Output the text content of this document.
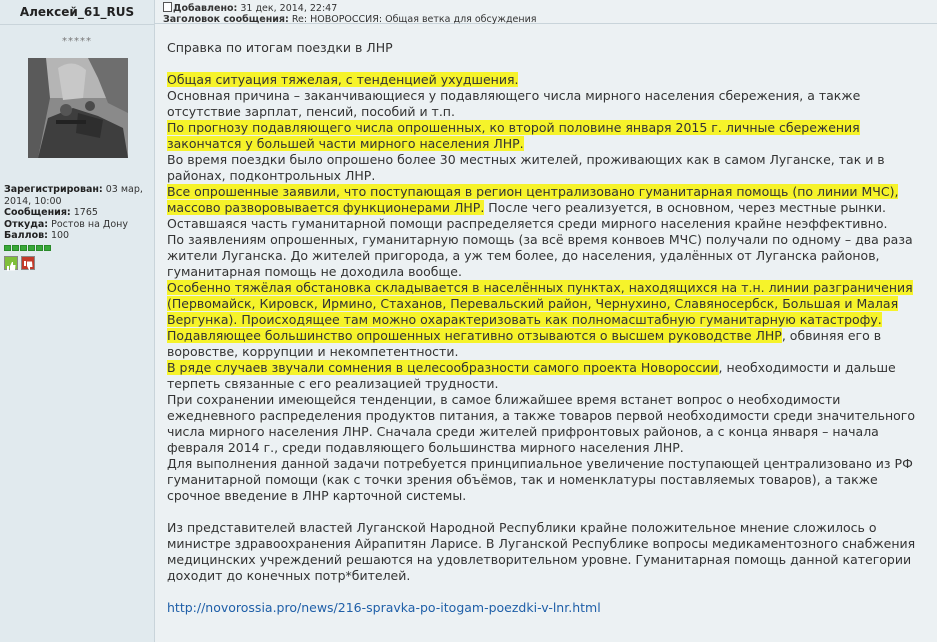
Алексей_61_RUS
*****
Зарегистрирован: 03 мар, 2014, 10:00
Сообщения: 1765
Откуда: Ростов на Дону
Баллов: 100
Добавлено: 31 дек, 2014, 22:47
Заголовок сообщения: Re: НОВОРОССИЯ: Общая ветка для обсуждения

Справка по итогам поездки в ЛНР

Общая ситуация тяжелая, с тенденцией ухудшения.

Основная причина – заканчивающиеся у подавляющего числа мирного населения сбережения, а также отсутствие зарплат, пенсий, пособий и т.п.

По прогнозу подавляющего числа опрошенных, ко второй половине января 2015 г. личные сбережения закончатся у большей части мирного населения ЛНР.

Во время поездки было опрошено более 30 местных жителей, проживающих как в самом Луганске, так и в районах, подконтрольных ЛНР.

Все опрошенные заявили, что поступающая в регион централизовано гуманитарная помощь (по линии МЧС), массово разворовывается функционерами ЛНР. После чего реализуется, в основном, через местные рынки.

Оставшаяся часть гуманитарной помощи распределяется среди мирного населения крайне неэффективно.

По заявлениям опрошенных, гуманитарную помощь (за всё время конвоев МЧС) получали по одному – два раза жители Луганска. До жителей пригорода, а уж тем более, до населения, удалённых от Луганска районов, гуманитарная помощь не доходила вообще.

Особенно тяжёлая обстановка складывается в населённых пунктах, находящихся на т.н. линии разграничения (Первомайск, Кировск, Ирмино, Стаханов, Перевальский район, Чернухино, Славяносербск, Большая и Малая Вергунка). Происходящее там можно охарактеризовать как полномасштабную гуманитарную катастрофу.

Подавляющее большинство опрошенных негативно отзываются о высшем руководстве ЛНР, обвиняя его в воровстве, коррупции и некомпетентности.

В ряде случаев звучали сомнения в целесообразности самого проекта Новороссии, необходимости и дальше терпеть связанные с его реализацией трудности.

При сохранении имеющейся тенденции, в самое ближайшее время встанет вопрос о необходимости ежедневного распределения продуктов питания, а также товаров первой необходимости среди значительного числа мирного населения ЛНР. Сначала среди жителей прифронтовых районов, а с конца января – начала февраля 2014 г., среди подавляющего большинства мирного населения ЛНР.

Для выполнения данной задачи потребуется принципиальное увеличение поступающей централизовано из РФ гуманитарной помощи (как с точки зрения объёмов, так и номенклатуры поставляемых товаров), а также срочное введение в ЛНР карточной системы.

Из представителей властей Луганской Народной Республики крайне положительное мнение сложилось о министре здравоохранения Айрапитян Ларисе. В Луганской Республике вопросы медикаментозного снабжения медицинских учреждений решаются на удовлетворительном уровне. Гуманитарная помощь данной категории доходит до конечных потр*бителей.

http://novorossia.pro/news/216-spravka-po-itogam-poezdki-v-lnr.html
